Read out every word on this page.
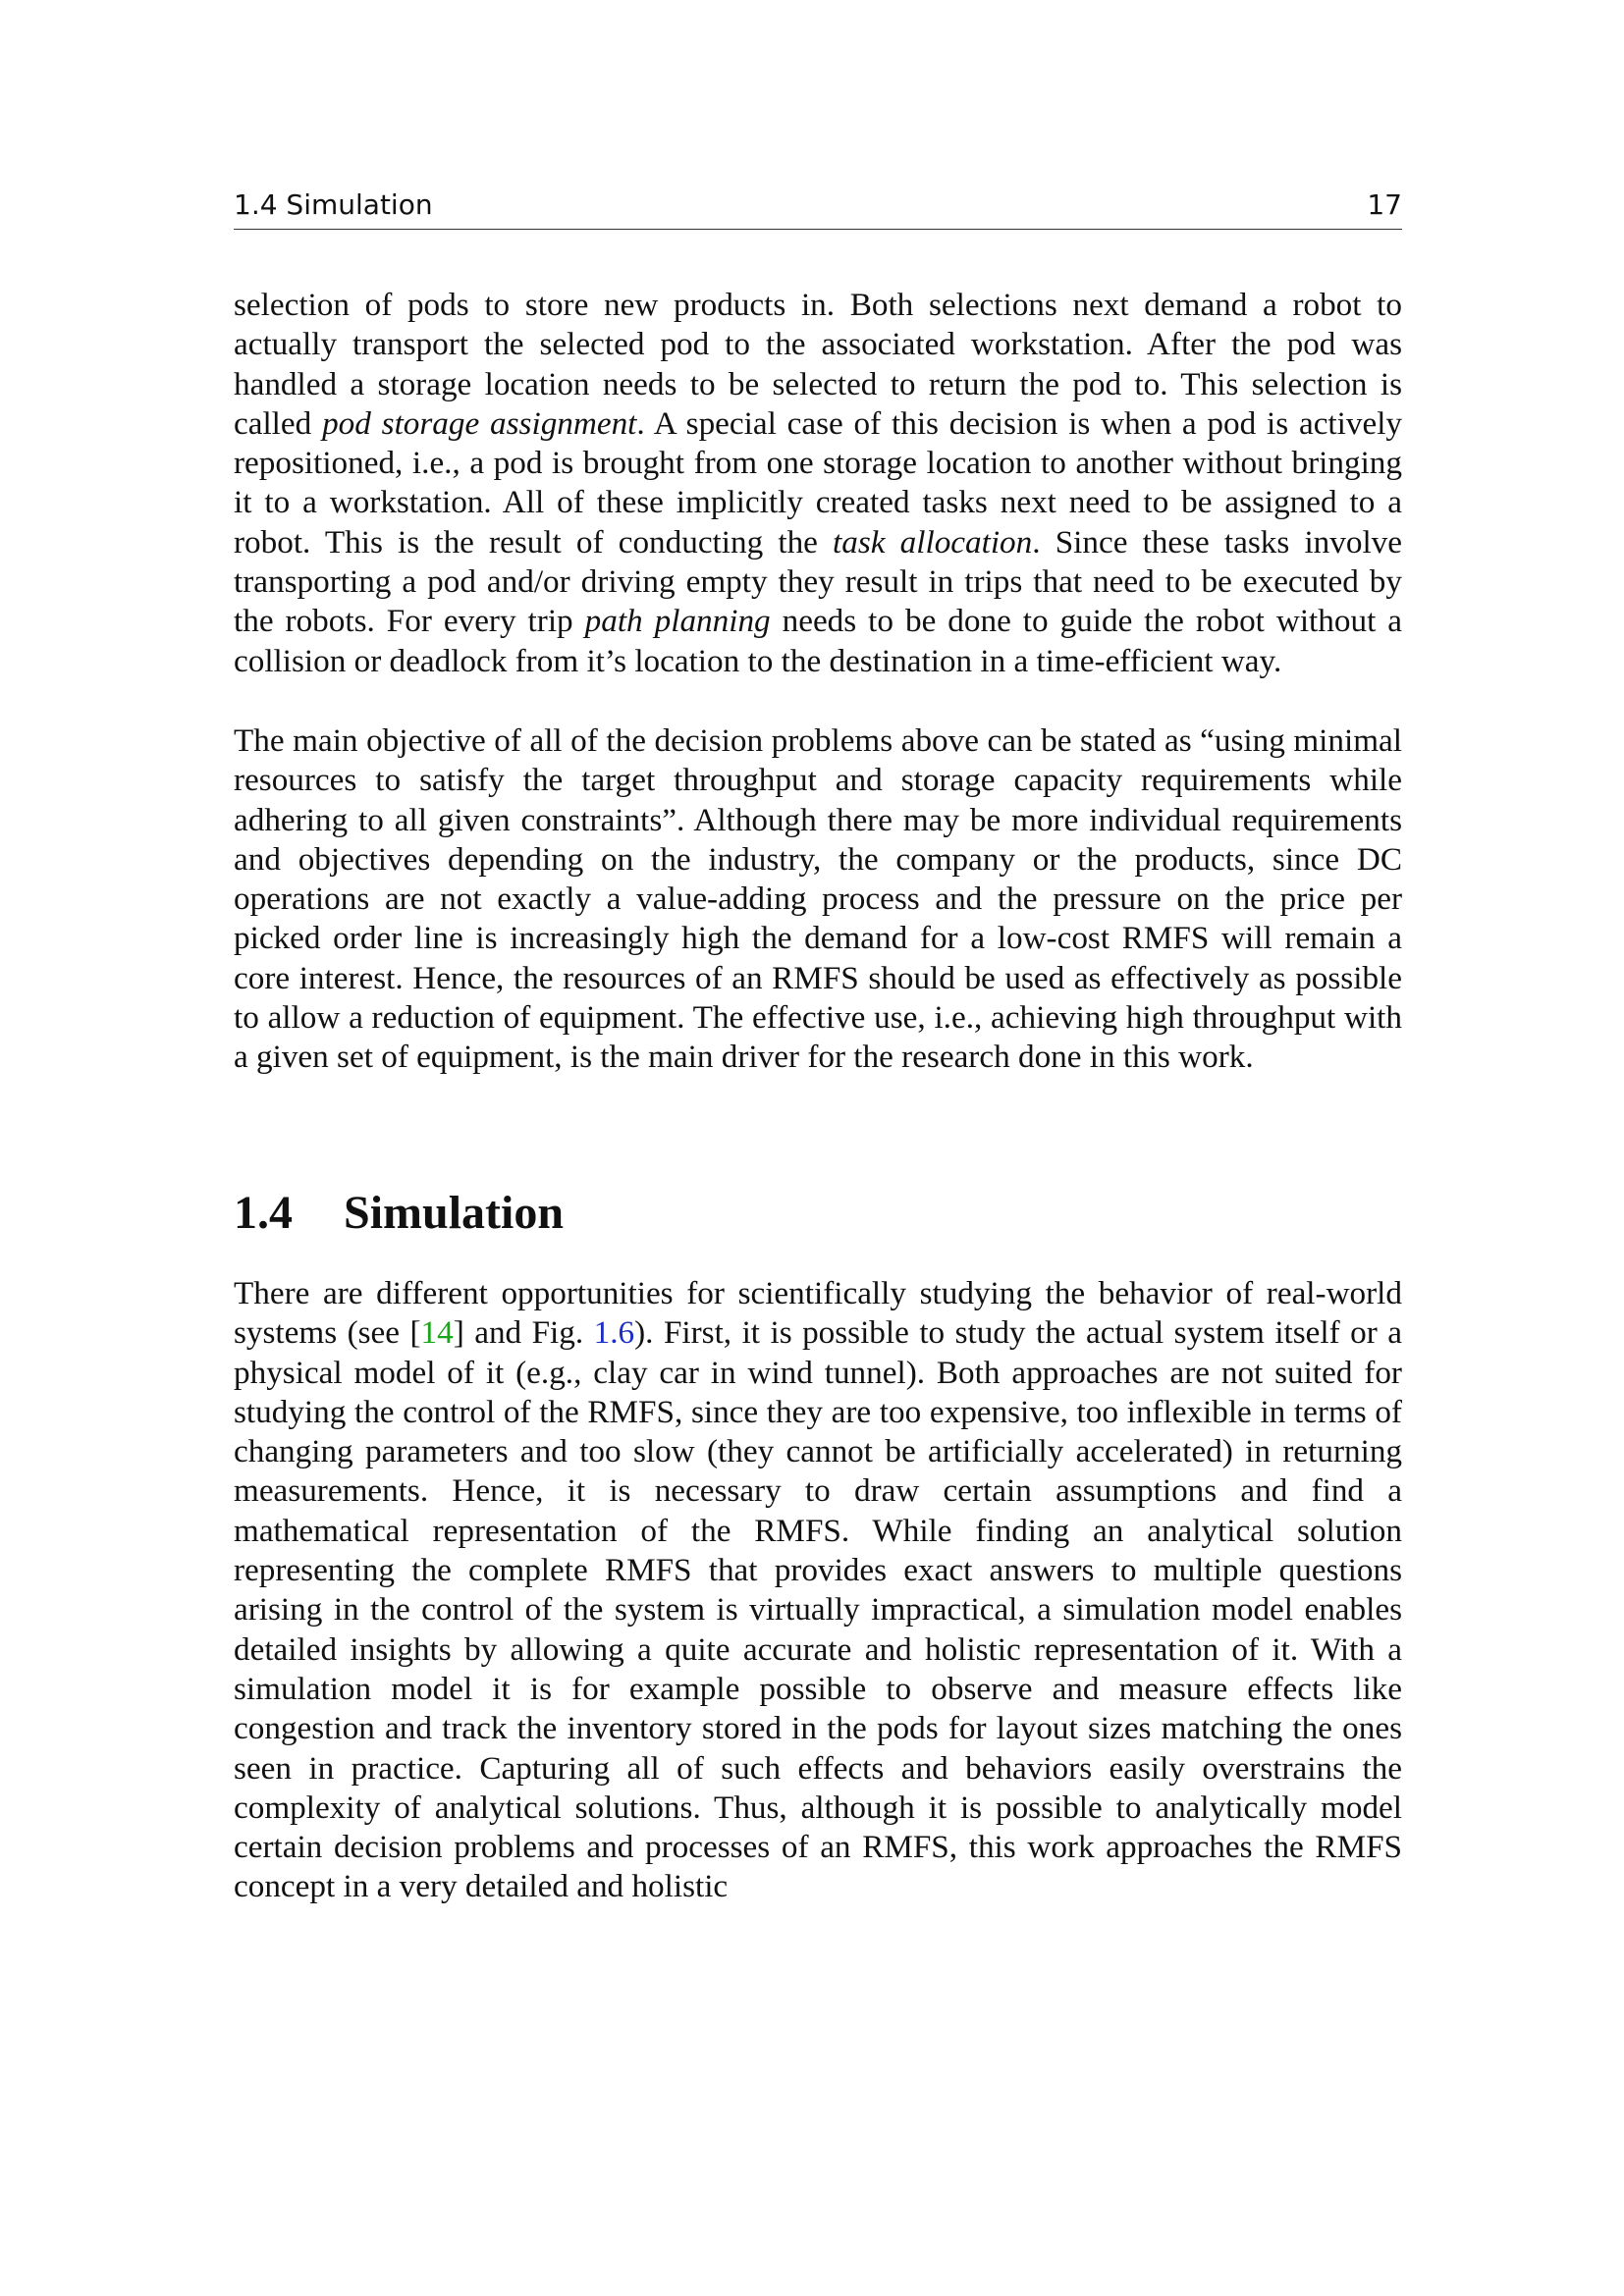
1.4 Simulation	17

selection of pods to store new products in. Both selections next demand a robot to actually transport the selected pod to the associated workstation. After the pod was handled a storage location needs to be selected to return the pod to. This selection is called pod storage assignment. A special case of this decision is when a pod is actively repositioned, i.e., a pod is brought from one storage location to another without bringing it to a workstation. All of these implicitly created tasks next need to be assigned to a robot. This is the result of conducting the task allocation. Since these tasks involve transporting a pod and/or driving empty they result in trips that need to be executed by the robots. For every trip path planning needs to be done to guide the robot without a collision or deadlock from it’s location to the destination in a time-efficient way.

The main objective of all of the decision problems above can be stated as “using minimal resources to satisfy the target throughput and storage capacity requirements while adhering to all given constraints”. Although there may be more individual requirements and objectives depending on the industry, the company or the products, since DC operations are not exactly a value-adding process and the pressure on the price per picked order line is increasingly high the demand for a low-cost RMFS will remain a core interest. Hence, the resources of an RMFS should be used as effectively as possible to allow a reduction of equipment. The effective use, i.e., achieving high throughput with a given set of equipment, is the main driver for the research done in this work.

1.4 Simulation

There are different opportunities for scientifically studying the behavior of real-world systems (see [14] and Fig. 1.6). First, it is possible to study the actual system itself or a physical model of it (e.g., clay car in wind tunnel). Both approaches are not suited for studying the control of the RMFS, since they are too expensive, too inflexible in terms of changing parameters and too slow (they cannot be artificially accelerated) in returning measurements. Hence, it is necessary to draw certain assumptions and find a mathematical representation of the RMFS. While finding an analytical solution representing the complete RMFS that provides exact answers to multiple questions arising in the control of the system is virtually impractical, a simulation model enables detailed insights by allowing a quite accurate and holistic representation of it. With a simulation model it is for example possible to observe and measure effects like congestion and track the inventory stored in the pods for layout sizes matching the ones seen in practice. Capturing all of such effects and behaviors easily overstrains the complexity of analytical solutions. Thus, although it is possible to analytically model certain decision problems and processes of an RMFS, this work approaches the RMFS concept in a very detailed and holistic
